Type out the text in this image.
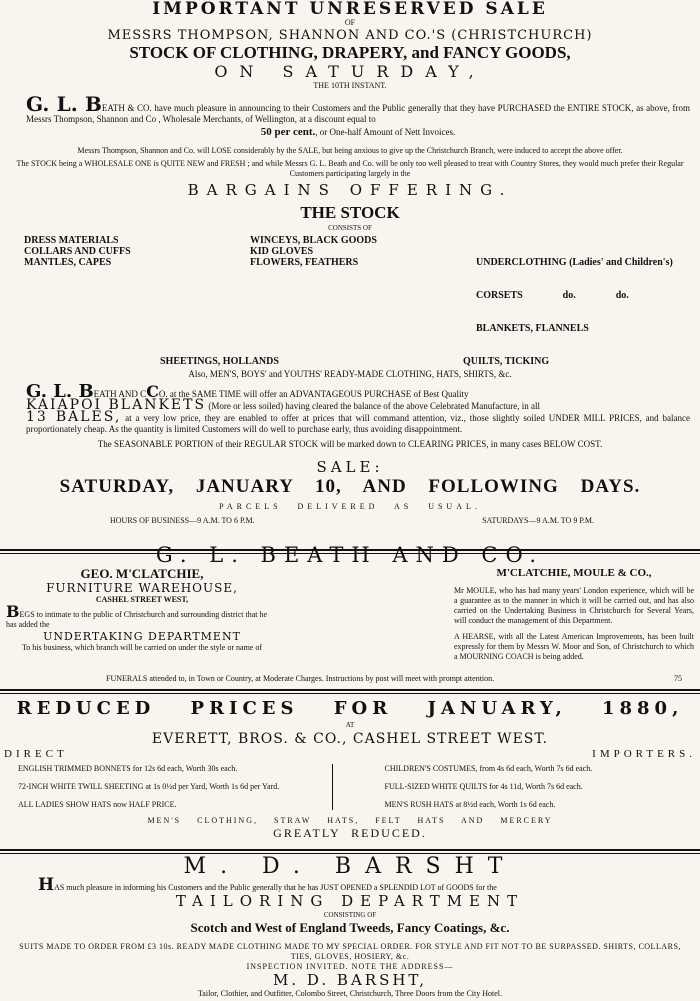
IMPORTANT UNRESERVED SALE
OF
MESSRS THOMPSON, SHANNON AND CO.'S (CHRISTCHURCH)
STOCK OF CLOTHING, DRAPERY, and FANCY GOODS,
ON SATURDAY,
THE 10TH INSTANT.
G. L. BEATH & CO. have much pleasure in announcing to their Customers and the Public generally that they have PURCHASED the ENTIRE STOCK, as above, from Messrs Thompson, Shannon and Co , Wholesale Merchants, of Wellington, at a discount equal to
50 per cent., or One-half Amount of Nett Invoices.
Messrs Thompson, Shannon and Co. will LOSE considerably by the SALE, but being anxious to give up the Christchurch Branch, were induced to accept the above offer.
The STOCK being a WHOLESALE ONE is QUITE NEW and FRESH ; and while Messrs G. L. Beath and Co. will be only too well pleased to treat with Country Stores, they would much prefer their Regular Customers participating largely in the
BARGAINS OFFERING.
THE STOCK
CONSISTS OF
DRESS MATERIALS
COLLARS AND CUFFS
MANTLES, CAPES
WINCEYS, BLACK GOODS
KID GLOVES
FLOWERS, FEATHERS

	UNDERCLOTHING (Ladies' and Children's)

CORSETS                do.                do.

BLANKETS, FLANNELS

SHEETINGS, HOLLANDS	QUILTS, TICKING
Also, MEN'S, BOYS' and YOUTHS' READY-MADE CLOTHING, HATS, SHIRTS, &c.
G. L. BEATH AND CCO. at the SAME TIME will offer an ADVANTAGEOUS PURCHASE of Best Quality
KAIAPOI BLANKETS (More or less soiled) having cleared the balance of the above Celebrated Manufacture, in all
13 BALES, at a very low price, they are enabled to offer at prices that will command attention, viz., those slightly soiled UNDER MILL PRICES, and balance proportionately cheap. As the quantity is limited Customers will do well to purchase early, thus avoiding disappointment.
The SEASONABLE PORTION of their REGULAR STOCK will be marked down to CLEARING PRICES, in many cases BELOW COST.
SALE:
SATURDAY, JANUARY 10, AND FOLLOWING DAYS.
PARCELS DELIVERED AS USUAL.
HOURS OF BUSINESS—9 A.M. TO 6 P.M.	SATURDAYS—9 A.M. TO 9 P.M.
G. L. BEATH AND CO.
GEO. M'CLATCHIE,
FURNITURE WAREHOUSE,
CASHEL STREET WEST,
BEGS to intimate to the public of Christchurch and surrounding district that he has added the
UNDERTAKING DEPARTMENT
To his business, which branch will be carried on under the style or name of
M'CLATCHIE, MOULE & CO.,
Mr MOULE, who has had many years' London experience, which will be a guarantee as to the manner in which it will be carried out, and has also carried on the Undertaking Business in Christchurch for Several Years, will conduct the management of this Department.
A HEARSE, with all the Latest American Improvements, has been built expressly for them by Messrs W. Moor and Son, of Christchurch to which a MOURNING COACH is being added.
FUNERALS attended to, in Town or Country, at Moderate Charges. Instructions by post will meet with prompt attention.	75
REDUCED PRICES FOR JANUARY, 1880,
AT
EVERETT, BROS. & CO., CASHEL STREET WEST.
DIRECT	IMPORTERS.
ENGLISH TRIMMED BONNETS for 12s 6d each, Worth 30s each.
72-INCH WHITE TWILL SHEETING at 1s 0½d per Yard, Worth 1s 6d per Yard.
ALL LADIES SHOW HATS now HALF PRICE.
CHILDREN'S COSTUMES, from 4s 6d each, Worth 7s 6d each.
FULL-SIZED WHITE QUILTS for 4s 11d, Worth 7s 6d each.
MEN'S RUSH HATS at 8½d each, Worth 1s 6d each.
MEN'S CLOTHING, STRAW HATS, FELT HATS AND MERCERY
GREATLY REDUCED.
M. D. BARSHT
HAS much pleasure in informing his Customers and the Public generally that he has JUST OPENED a SPLENDID LOT of GOODS for the
TAILORING DEPARTMENT
CONSISTING OF
Scotch and West of England Tweeds, Fancy Coatings, &c.
SUITS MADE TO ORDER FROM £3 10s. READY MADE CLOTHING MADE TO MY SPECIAL ORDER. FOR STYLE AND FIT NOT TO BE SURPASSED. SHIRTS, COLLARS, TIES, GLOVES, HOSIERY, &c.
INSPECTION INVITED. NOTE THE ADDRESS—
M. D. BARSHT,
Tailor, Clothier, and Outfitter, Colombo Street, Christchurch, Three Doors from the City Hotel.
